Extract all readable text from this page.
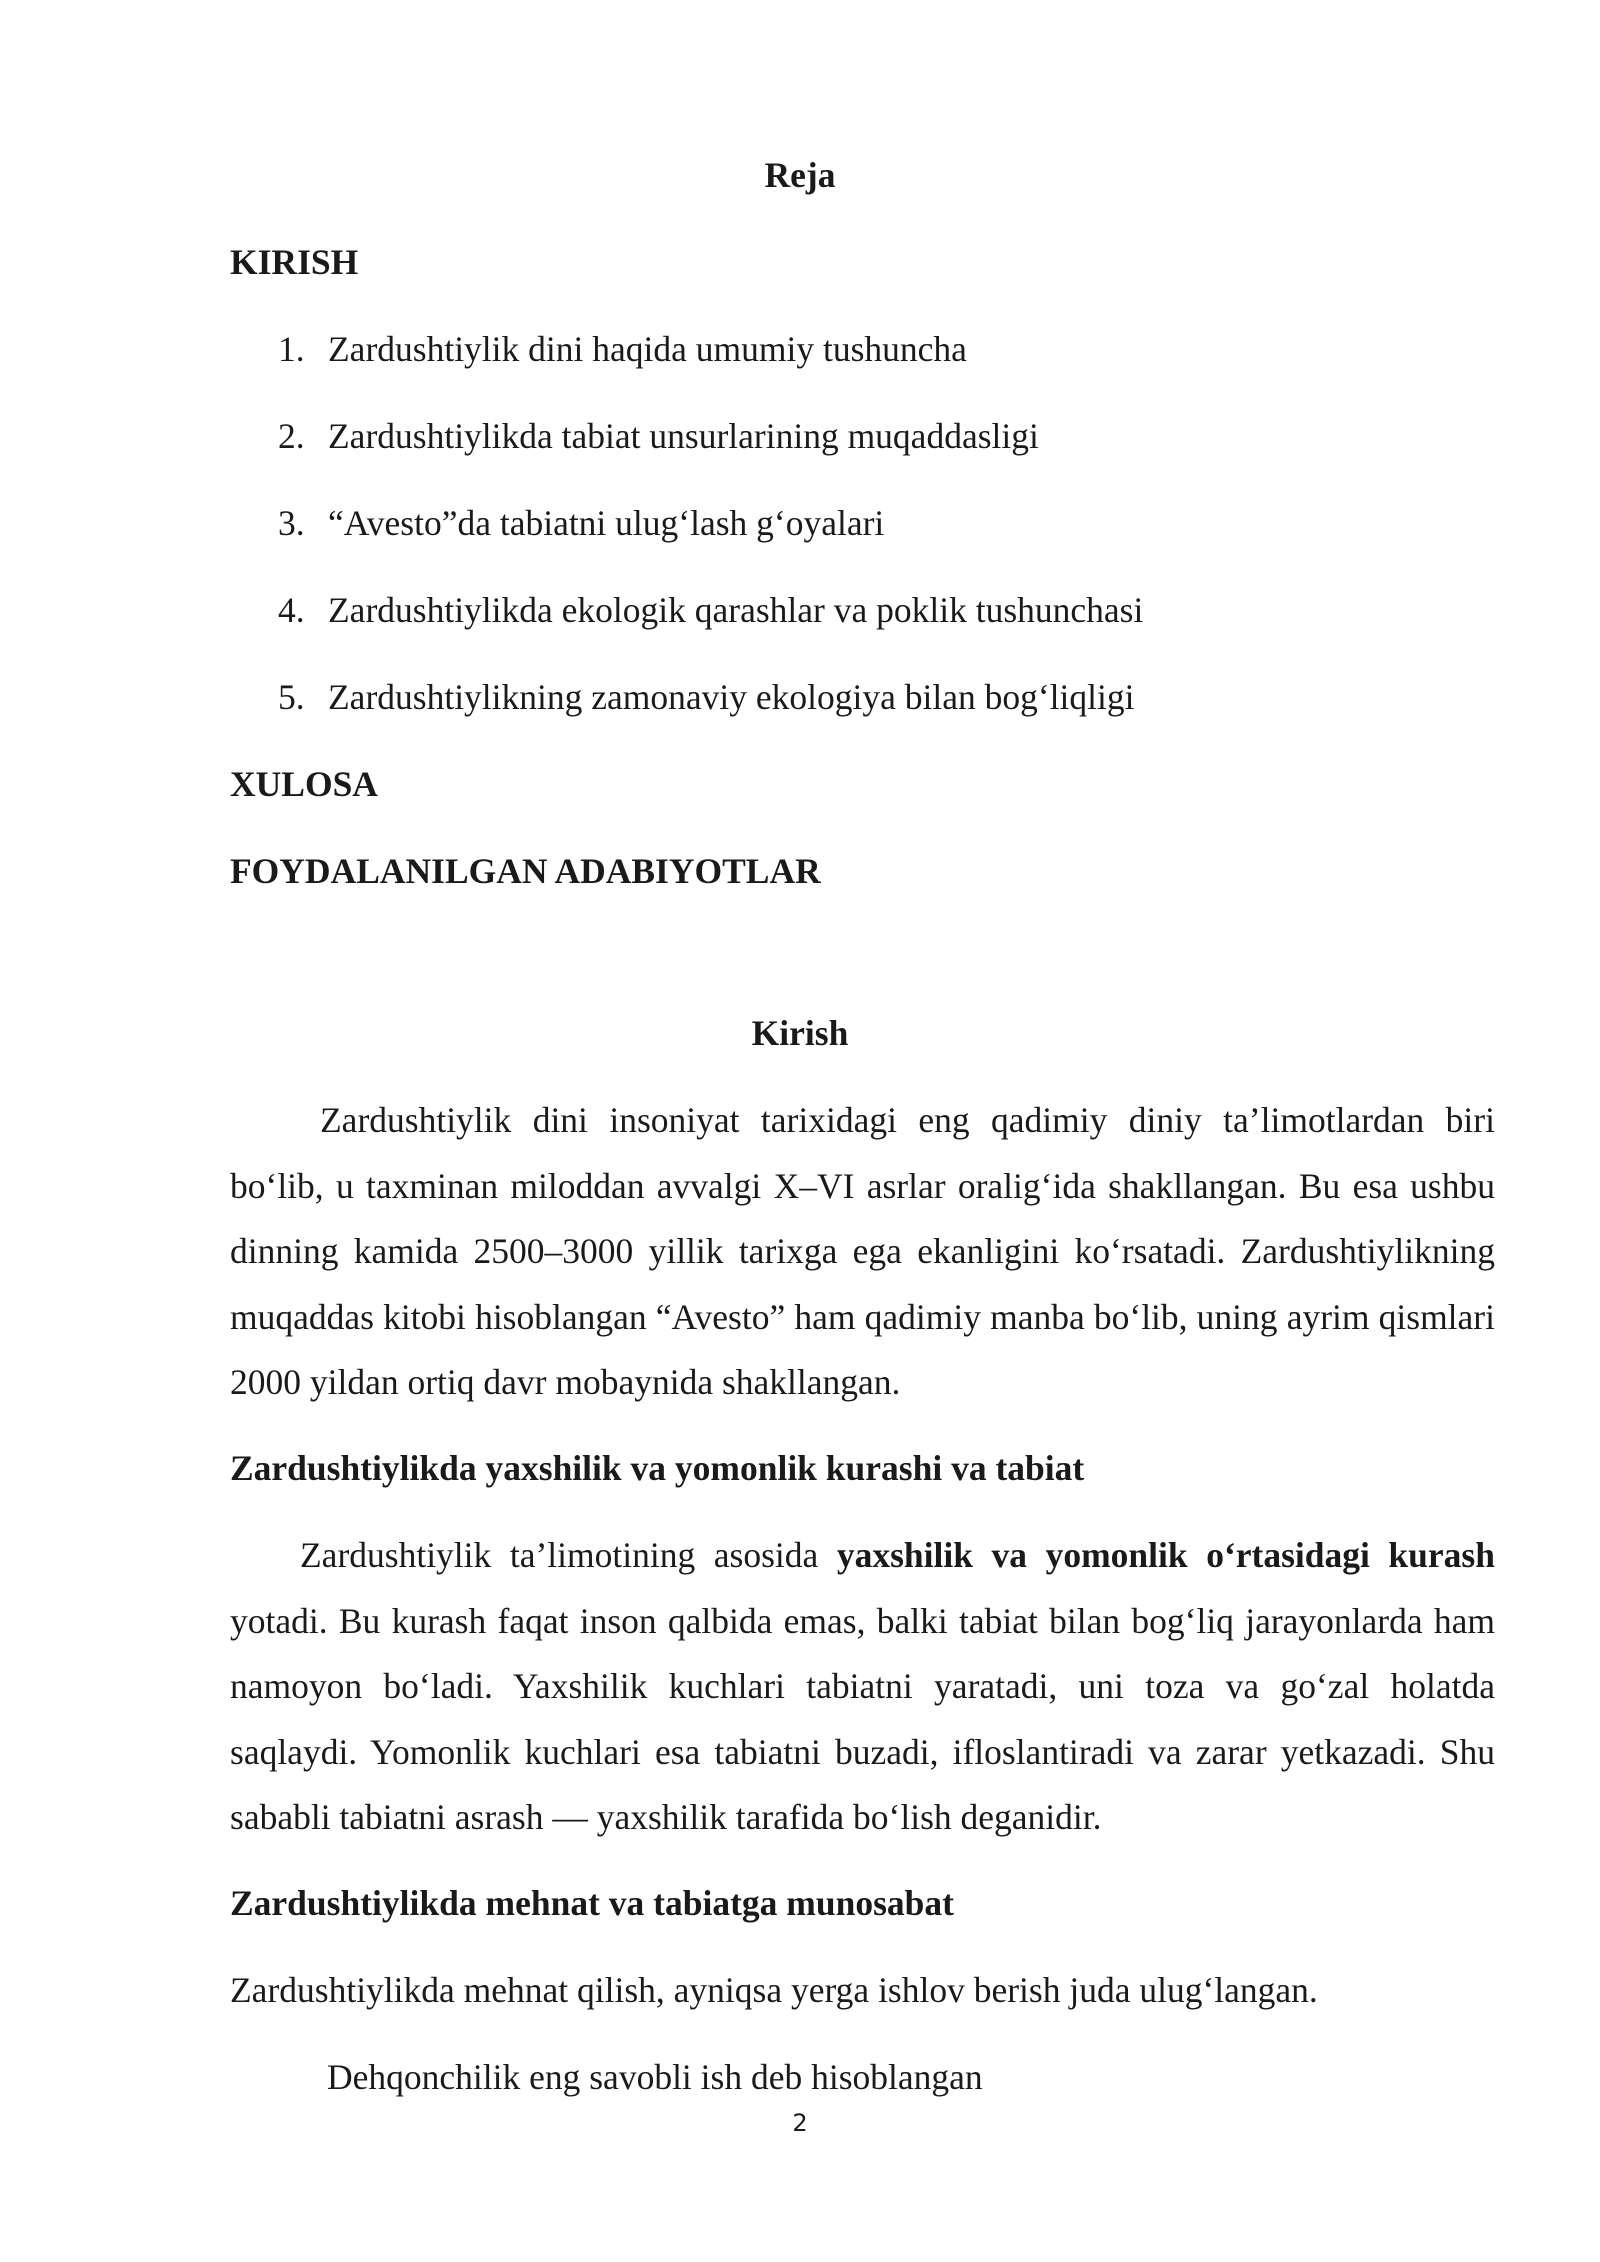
Reja
KIRISH
1. Zardushtiylik dini haqida umumiy tushuncha
2. Zardushtiylikda tabiat unsurlarining muqaddasligi
3. “Avesto”da tabiatni ulug‘lash g‘oyalari
4. Zardushtiylikda ekologik qarashlar va poklik tushunchasi
5. Zardushtiylikning zamonaviy ekologiya bilan bog‘liqligi
XULOSA
FOYDALANILGAN ADABIYOTLAR
Kirish

Zardushtiylik dini insoniyat tarixidagi eng qadimiy diniy ta’limotlardan biri bo‘lib, u taxminan miloddan avvalgi X–VI asrlar oralig‘ida shakllangan. Bu esa ushbu dinning kamida 2500–3000 yillik tarixga ega ekanligini ko‘rsatadi. Zardushtiylikning muqaddas kitobi hisoblangan “Avesto” ham qadimiy manba bo‘lib, uning ayrim qismlari 2000 yildan ortiq davr mobaynida shakllangan.

Zardushtiylikda yaxshilik va yomonlik kurashi va tabiat

Zardushtiylik ta’limotining asosida yaxshilik va yomonlik o‘rtasidagi kurash yotadi. Bu kurash faqat inson qalbida emas, balki tabiat bilan bog‘liq jarayonlarda ham namoyon bo‘ladi. Yaxshilik kuchlari tabiatni yaratadi, uni toza va go‘zal holatda saqlaydi. Yomonlik kuchlari esa tabiatni buzadi, ifloslantiradi va zarar yetkazadi. Shu sababli tabiatni asrash — yaxshilik tarafida bo‘lish deganidir.

Zardushtiylikda mehnat va tabiatga munosabat
Zardushtiylikda mehnat qilish, ayniqsa yerga ishlov berish juda ulug‘langan.
Dehqonchilik eng savobli ish deb hisoblangan
2
